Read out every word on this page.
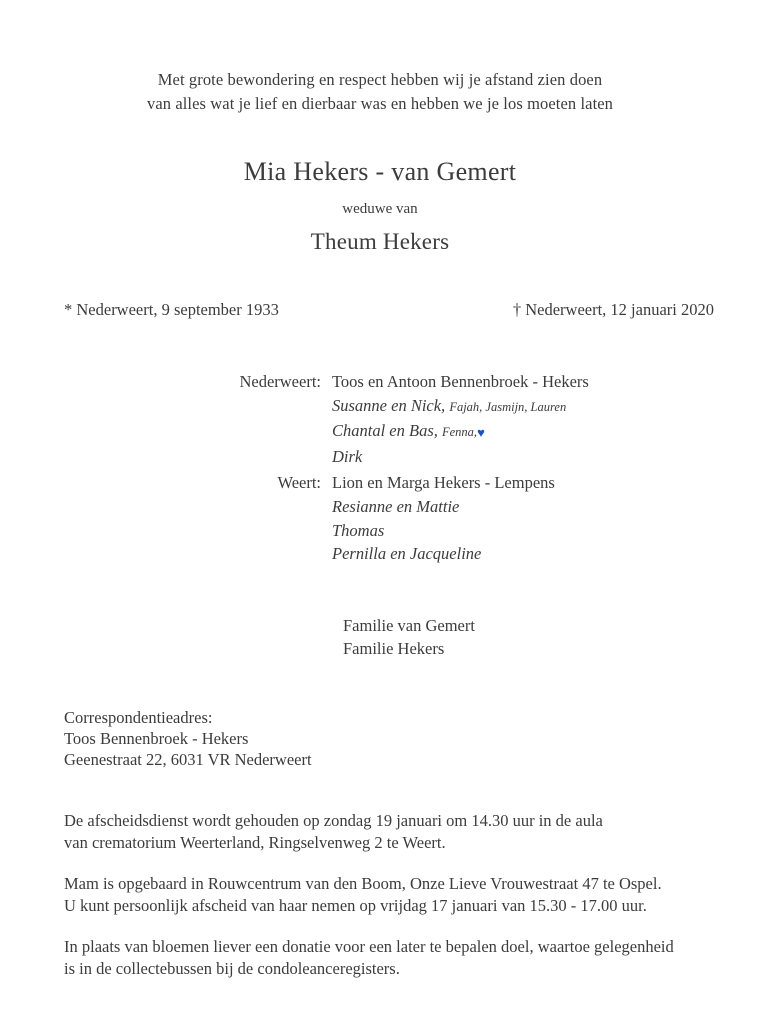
Met grote bewondering en respect hebben wij je afstand zien doen
van alles wat je lief en dierbaar was en hebben we je los moeten laten
Mia Hekers - van Gemert
weduwe van
Theum Hekers
* Nederweert, 9 september 1933	† Nederweert, 12 januari 2020
Nederweert: Toos en Antoon Bennenbroek - Hekers
Susanne en Nick, Fajah, Jasmijn, Lauren
Chantal en Bas, Fenna,♥
Dirk
Weert: Lion en Marga Hekers - Lempens
Resianne en Mattie
Thomas
Pernilla en Jacqueline
Familie van Gemert
Familie Hekers
Correspondentieadres:
Toos Bennenbroek - Hekers
Geenestraat 22, 6031 VR Nederweert
De afscheidsdienst wordt gehouden op zondag 19 januari om 14.30 uur in de aula
van crematorium Weerterland, Ringselvenweg 2 te Weert.
Mam is opgebaard in Rouwcentrum van den Boom, Onze Lieve Vrouwestraat 47 te Ospel.
U kunt persoonlijk afscheid van haar nemen op vrijdag 17 januari van 15.30 - 17.00 uur.
In plaats van bloemen liever een donatie voor een later te bepalen doel, waartoe gelegenheid
is in de collectebussen bij de condoleanceregisters.
